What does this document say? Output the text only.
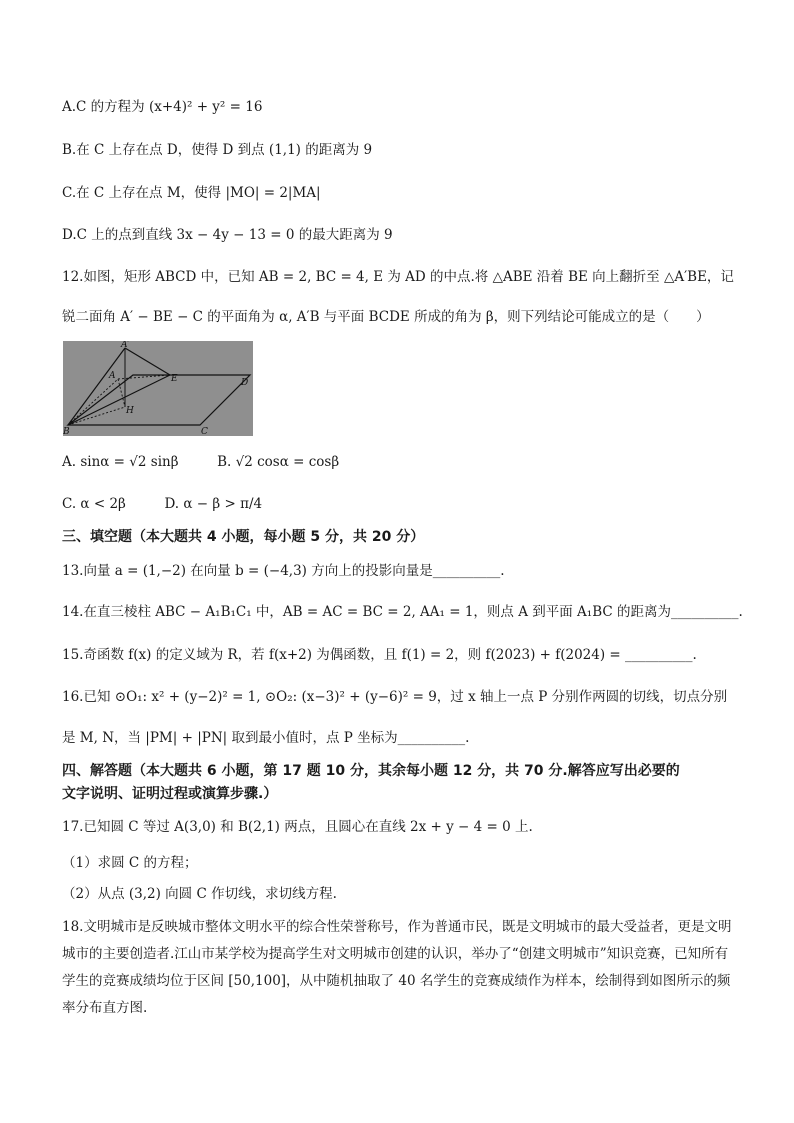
A.C 的方程为 (x+4)² + y² = 16
B.在 C 上存在点 D，使得 D 到点 (1,1) 的距离为 9
C.在 C 上存在点 M，使得 |MO| = 2|MA|
D.C 上的点到直线 3x − 4y − 13 = 0 的最大距离为 9
12.如图，矩形 ABCD 中，已知 AB = 2, BC = 4, E 为 AD 的中点.将 △ABE 沿着 BE 向上翻折至 △A′BE，记
锐二面角 A′ − BE − C 的平面角为 α, A′B 与平面 BCDE 所成的角为 β，则下列结论可能成立的是（　　）
A′
A	E	D
H
B	C
A. sinα = √2 sinβ	B. √2 cosα = cosβ
C. α < 2β	D. α − β > π/4
三、填空题（本大题共 4 小题，每小题 5 分，共 20 分）
13.向量 a = (1,−2) 在向量 b = (−4,3) 方向上的投影向量是__________.
14.在直三棱柱 ABC − A₁B₁C₁ 中，AB = AC = BC = 2, AA₁ = 1，则点 A 到平面 A₁BC 的距离为__________.
15.奇函数 f(x) 的定义域为 R，若 f(x+2) 为偶函数，且 f(1) = 2，则 f(2023) + f(2024) = __________.
16.已知 ⊙O₁: x² + (y−2)² = 1, ⊙O₂: (x−3)² + (y−6)² = 9，过 x 轴上一点 P 分别作两圆的切线，切点分别
是 M, N，当 |PM| + |PN| 取到最小值时，点 P 坐标为__________.
四、解答题（本大题共 6 小题，第 17 题 10 分，其余每小题 12 分，共 70 分.解答应写出必要的
文字说明、证明过程或演算步骤.）
17.已知圆 C 等过 A(3,0) 和 B(2,1) 两点，且圆心在直线 2x + y − 4 = 0 上.
（1）求圆 C 的方程；
（2）从点 (3,2) 向圆 C 作切线，求切线方程.
18.文明城市是反映城市整体文明水平的综合性荣誉称号，作为普通市民，既是文明城市的最大受益者，更是文明城市的主要创造者.江山市某学校为提高学生对文明城市创建的认识，举办了“创建文明城市”知识竞赛，已知所有学生的竞赛成绩均位于区间 [50,100]，从中随机抽取了 40 名学生的竞赛成绩作为样本，绘制得到如图所示的频率分布直方图.
